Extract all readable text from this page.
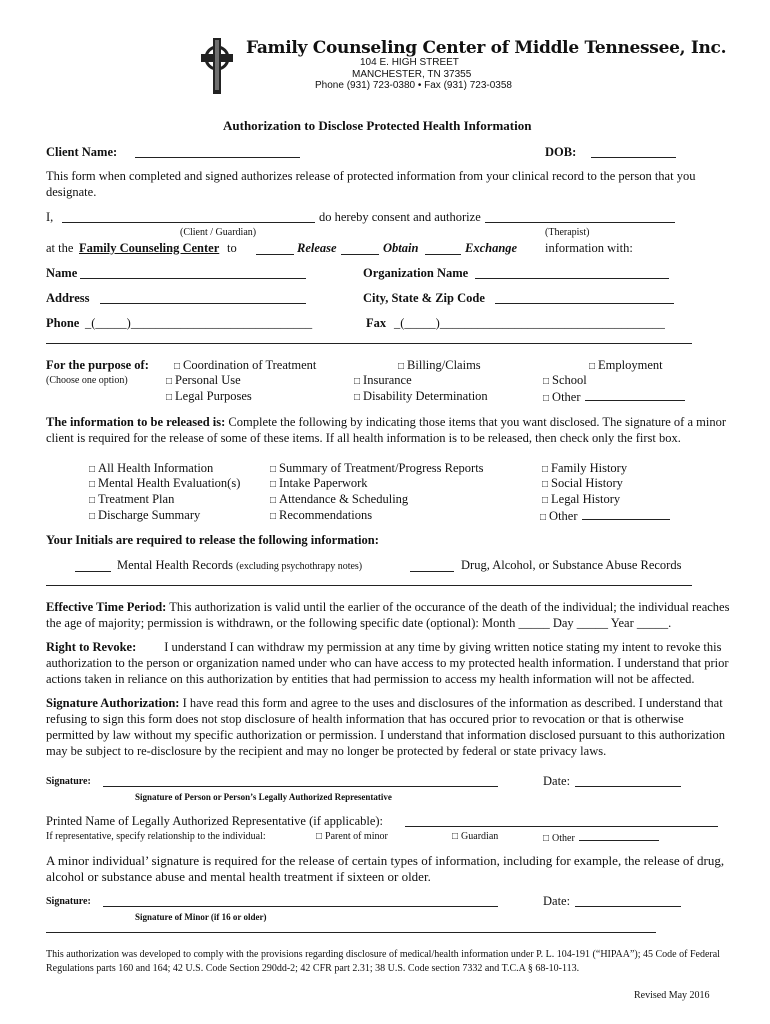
Family Counseling Center of Middle Tennessee, Inc.
104 E. HIGH STREET
MANCHESTER, TN 37355
Phone (931) 723-0380 • Fax (931) 723-0358
Authorization to Disclose Protected Health Information
Client Name:	DOB:
This form when completed and signed authorizes release of protected information from your clinical record to the person that you designate.
I,	do hereby consent and authorize
(Client / Guardian)	(Therapist)
at the Family Counseling Center to	Release	Obtain	Exchange information with:
Name	Organization Name
Address	City, State & Zip Code
Phone _(_____)_____________________________	Fax _(_____)____________________________________
For the purpose of:
(Choose one option)
□ Coordination of Treatment	□ Billing/Claims	□ Employment
□ Personal Use	□ Insurance	□ School
□ Legal Purposes	□ Disability Determination	□ Other
The information to be released is: Complete the following by indicating those items that you want disclosed. The signature of a minor client is required for the release of some of these items. If all health information is to be released, then check only the first box.
□ All Health Information	□ Summary of Treatment/Progress Reports	□ Family History
□ Mental Health Evaluation(s)	□ Intake Paperwork	□ Social History
□ Treatment Plan	□ Attendance & Scheduling	□ Legal History
□ Discharge Summary	□ Recommendations	□ Other
Your Initials are required to release the following information:
Mental Health Records (excluding psychothrapy notes)	Drug, Alcohol, or Substance Abuse Records
Effective Time Period: This authorization is valid until the earlier of the occurance of the death of the individual; the individual reaches the age of majority; permission is withdrawn, or the following specific date (optional): Month _____ Day _____ Year _____.
Right to Revoke: I understand I can withdraw my permission at any time by giving written notice stating my intent to revoke this authorization to the person or organization named under who can have access to my protected health information. I understand that prior actions taken in reliance on this authorization by entities that had permission to access my health information will not be affected.
Signature Authorization: I have read this form and agree to the uses and disclosures of the information as described. I understand that refusing to sign this form does not stop disclosure of health information that has occured prior to revocation or that is otherwise permitted by law without my specific authorization or permission. I understand that information disclosed pursuant to this authorization may be subject to re-disclosure by the recipient and may no longer be protected by federal or state privacy laws.
Signature:	Date:
Signature of Person or Person’s Legally Authorized Representative
Printed Name of Legally Authorized Representative (if applicable):
If representative, specify relationship to the individual:	□ Parent of minor	□ Guardian	□ Other
A minor individual’ signature is required for the release of certain types of information, including for example, the release of drug, alcohol or substance abuse and mental health treatment if sixteen or older.
Signature:	Date:
Signature of Minor (if 16 or older)
This authorization was developed to comply with the provisions regarding disclosure of medical/health information under P. L. 104-191 (“HIPAA”); 45 Code of Federal Regulations parts 160 and 164; 42 U.S. Code Section 290dd-2; 42 CFR part 2.31; 38 U.S. Code section 7332 and T.C.A § 68-10-113.
Revised May 2016
